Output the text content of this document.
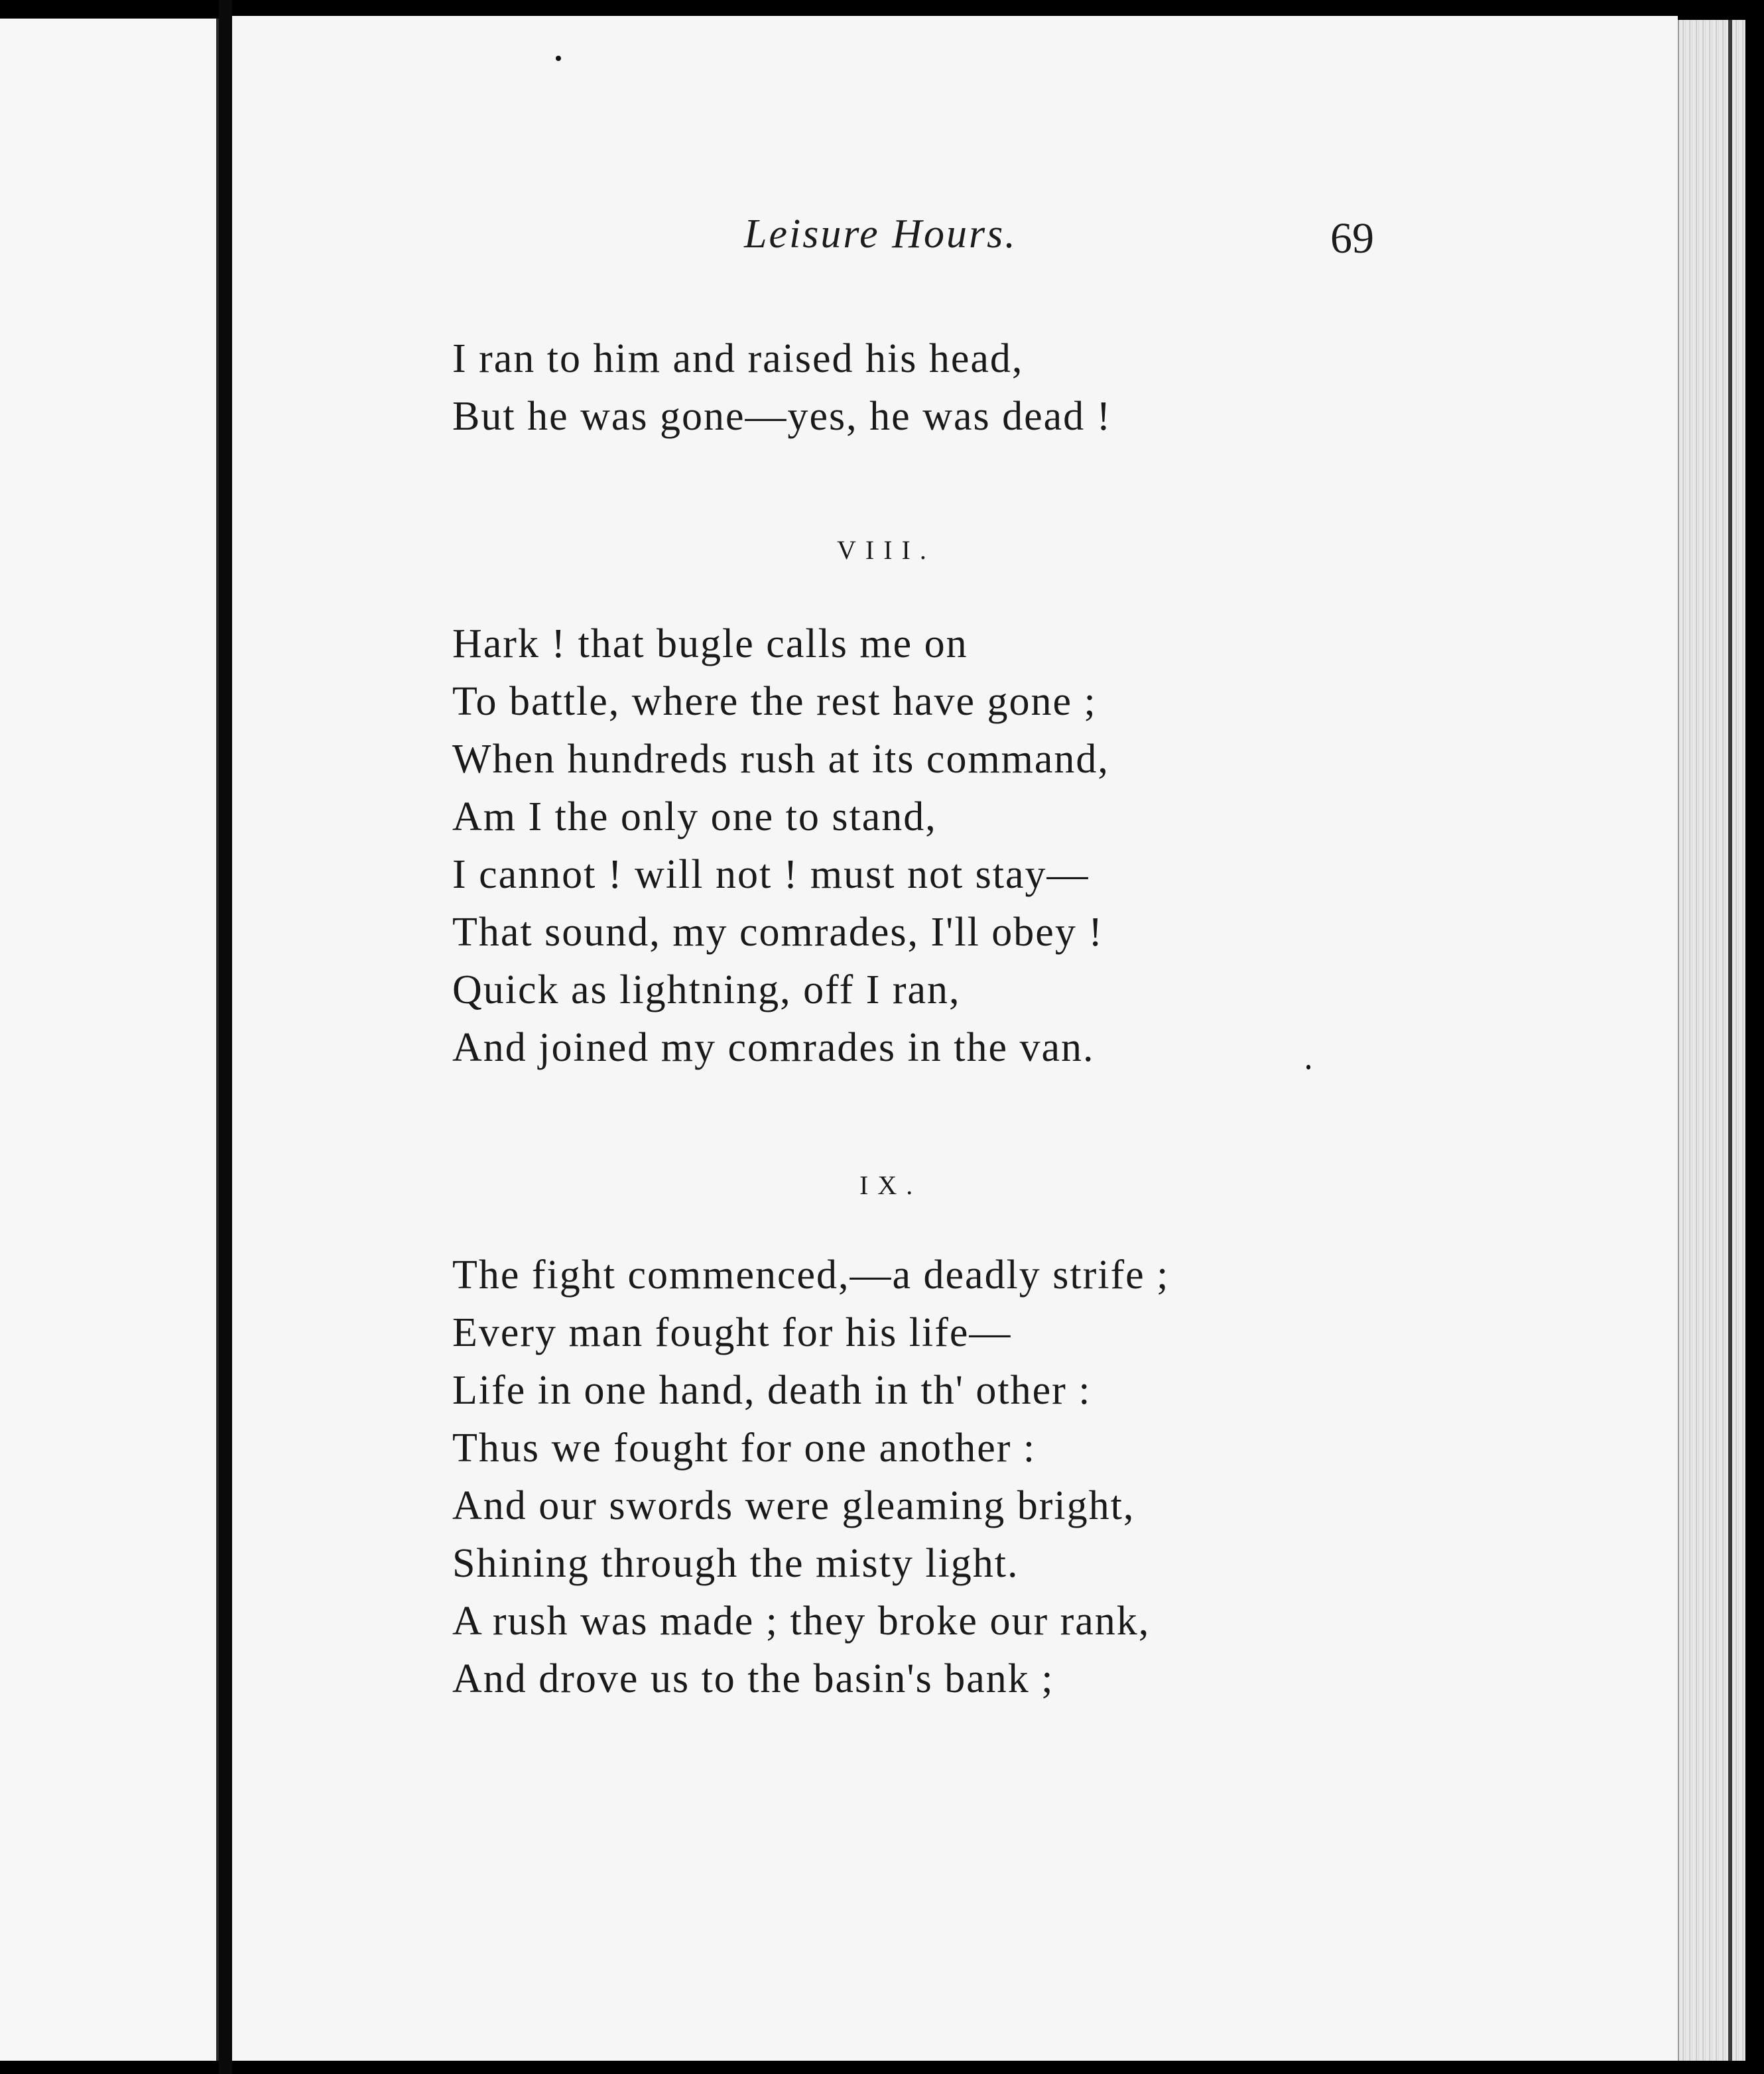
Leisure Hours.	69
I ran to him and raised his head,
But he was gone—yes, he was dead !
VIII.
Hark ! that bugle calls me on
To battle, where the rest have gone ;
When hundreds rush at its command,
Am I the only one to stand,
I cannot ! will not ! must not stay—
That sound, my comrades, I'll obey !
Quick as lightning, off I ran,
And joined my comrades in the van.
IX.
The fight commenced,—a deadly strife ;
Every man fought for his life—
Life in one hand, death in th' other :
Thus we fought for one another :
And our swords were gleaming bright,
Shining through the misty light.
A rush was made ; they broke our rank,
And drove us to the basin's bank ;
